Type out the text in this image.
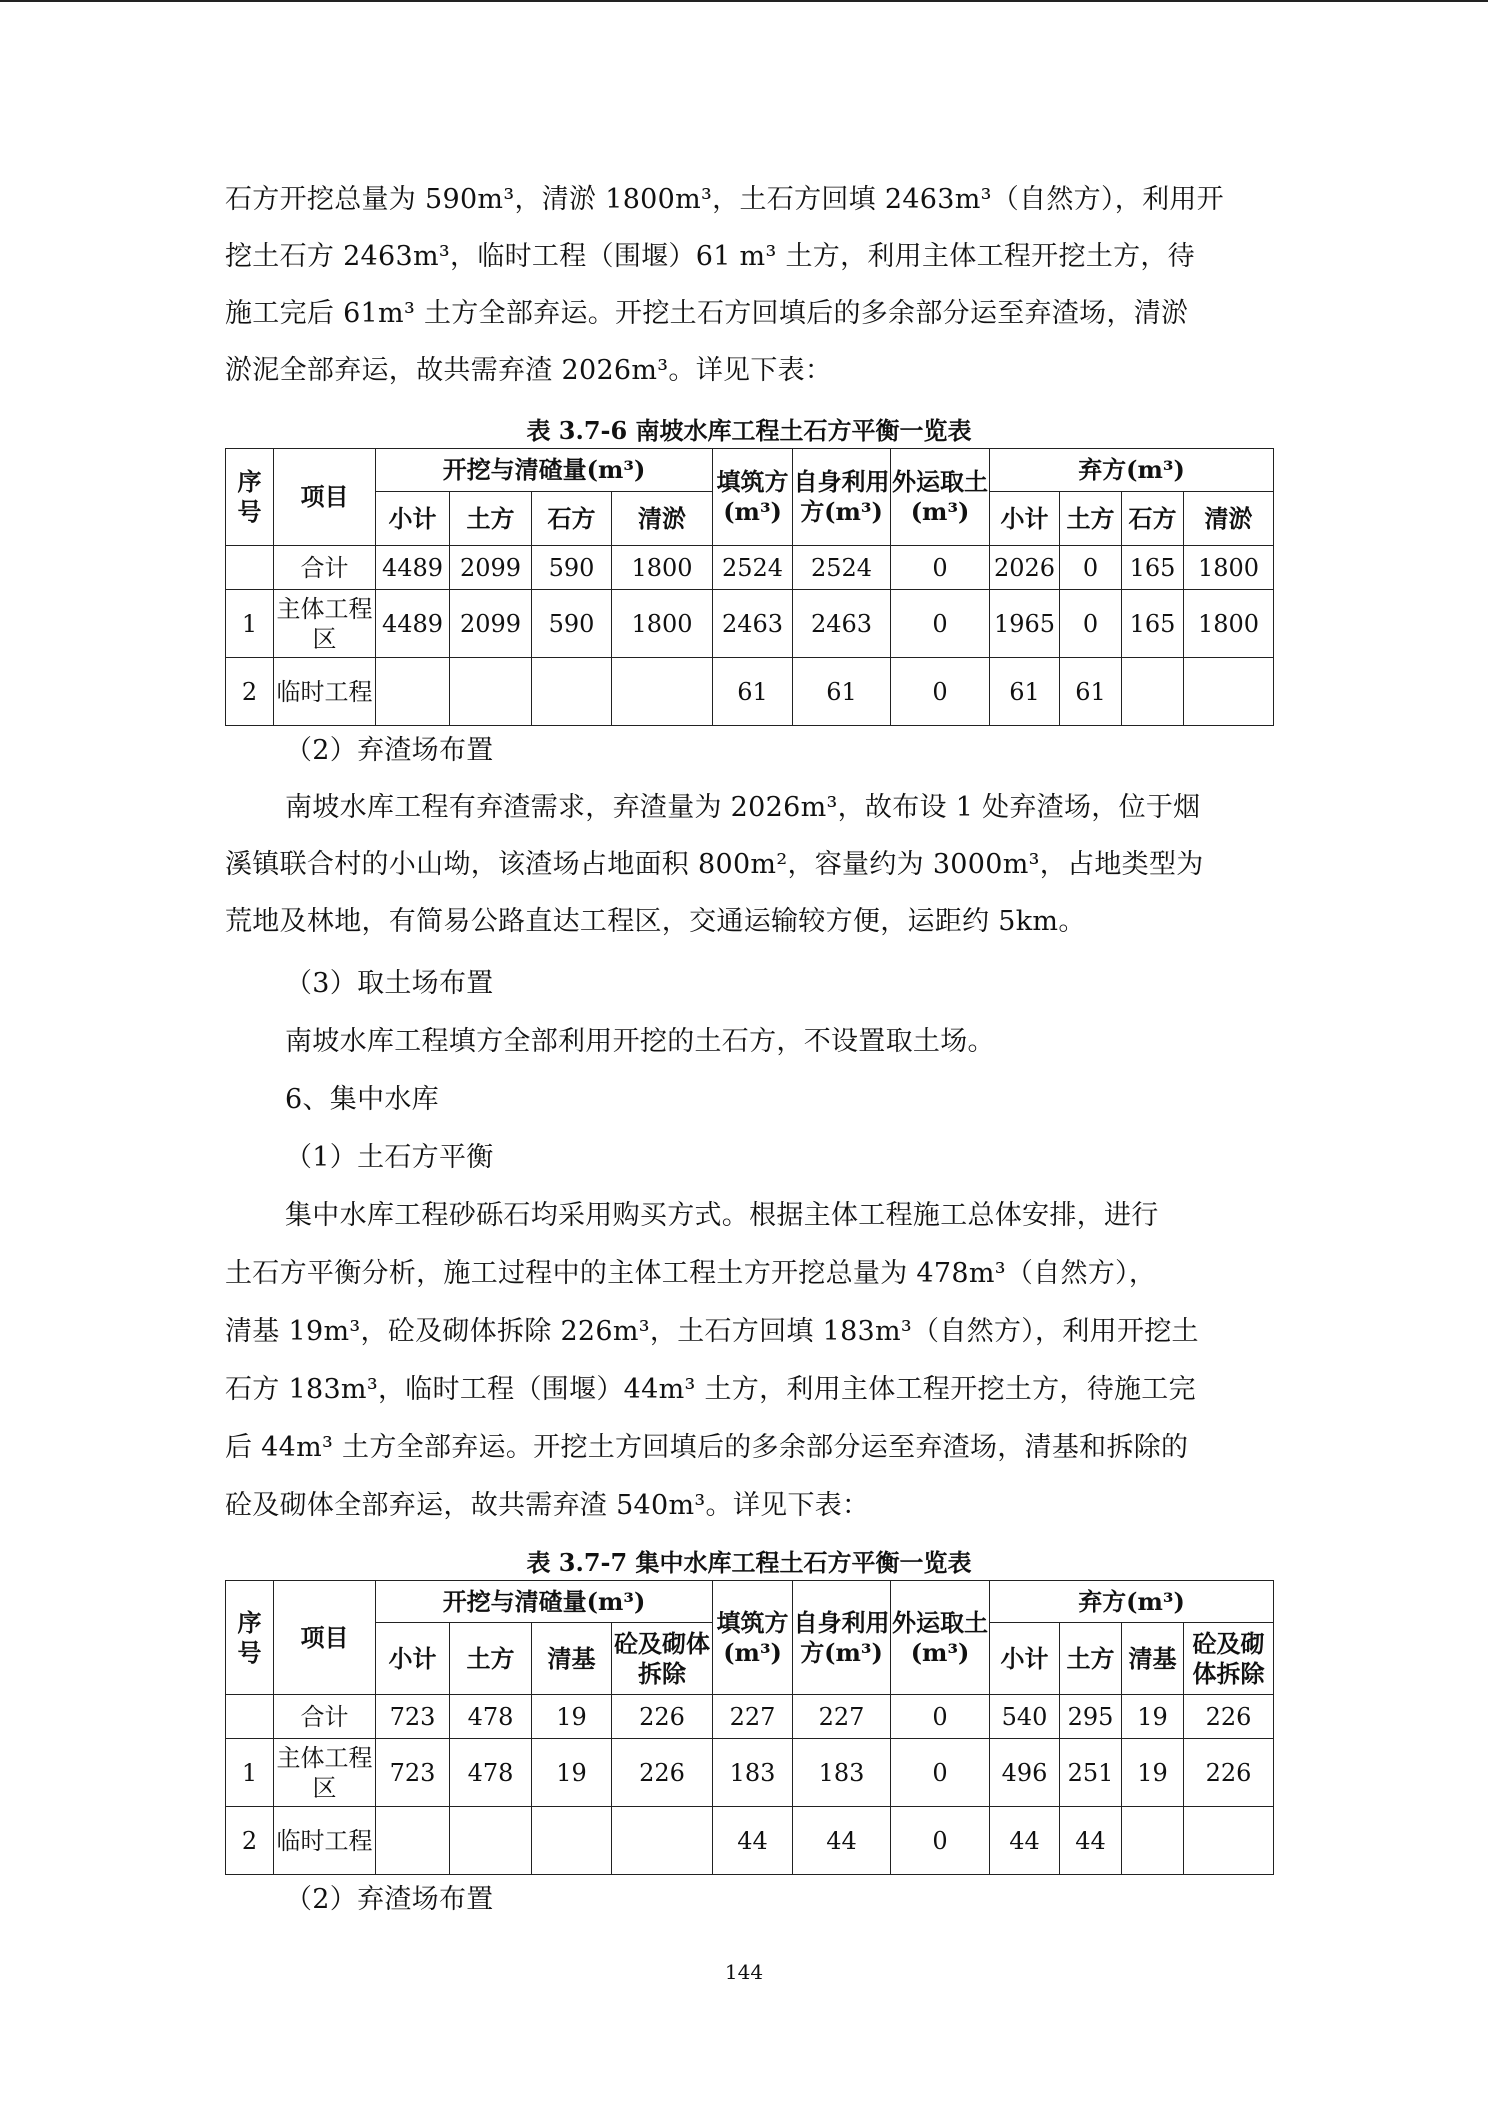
石方开挖总量为 590m³，清淤 1800m³，土石方回填 2463m³（自然方），利用开
挖土石方 2463m³，临时工程（围堰）61 m³ 土方，利用主体工程开挖土方，待
施工完后 61m³ 土方全部弃运。开挖土石方回填后的多余部分运至弃渣场，清淤
淤泥全部弃运，故共需弃渣 2026m³。详见下表：
表 3.7-6 南坡水库工程土石方平衡一览表
序号	项目	开挖与清碴量(m³)				填筑方(m³)	自身利用方(m³)	外运取土(m³)	弃方(m³)			
		小计	土方	石方	清淤				小计	土方	石方	清淤
	合计	4489	2099	590	1800	2524	2524	0	2026	0	165	1800
1	主体工程区	4489	2099	590	1800	2463	2463	0	1965	0	165	1800
2	临时工程					61	61	0	61	61		
（2）弃渣场布置
南坡水库工程有弃渣需求，弃渣量为 2026m³，故布设 1 处弃渣场，位于烟
溪镇联合村的小山坳，该渣场占地面积 800m²，容量约为 3000m³，占地类型为
荒地及林地，有简易公路直达工程区，交通运输较方便，运距约 5km。
（3）取土场布置
南坡水库工程填方全部利用开挖的土石方，不设置取土场。
6、集中水库
（1）土石方平衡
集中水库工程砂砾石均采用购买方式。根据主体工程施工总体安排，进行
土石方平衡分析，施工过程中的主体工程土方开挖总量为 478m³（自然方），
清基 19m³，砼及砌体拆除 226m³，土石方回填 183m³（自然方），利用开挖土
石方 183m³，临时工程（围堰）44m³ 土方，利用主体工程开挖土方，待施工完
后 44m³ 土方全部弃运。开挖土方回填后的多余部分运至弃渣场，清基和拆除的
砼及砌体全部弃运，故共需弃渣 540m³。详见下表：
表 3.7-7 集中水库工程土石方平衡一览表
序号	项目	开挖与清碴量(m³)				填筑方(m³)	自身利用方(m³)	外运取土(m³)	弃方(m³)			
		小计	土方	清基	砼及砌体拆除				小计	土方	清基	砼及砌体拆除
	合计	723	478	19	226	227	227	0	540	295	19	226
1	主体工程区	723	478	19	226	183	183	0	496	251	19	226
2	临时工程					44	44	0	44	44		
（2）弃渣场布置
144
